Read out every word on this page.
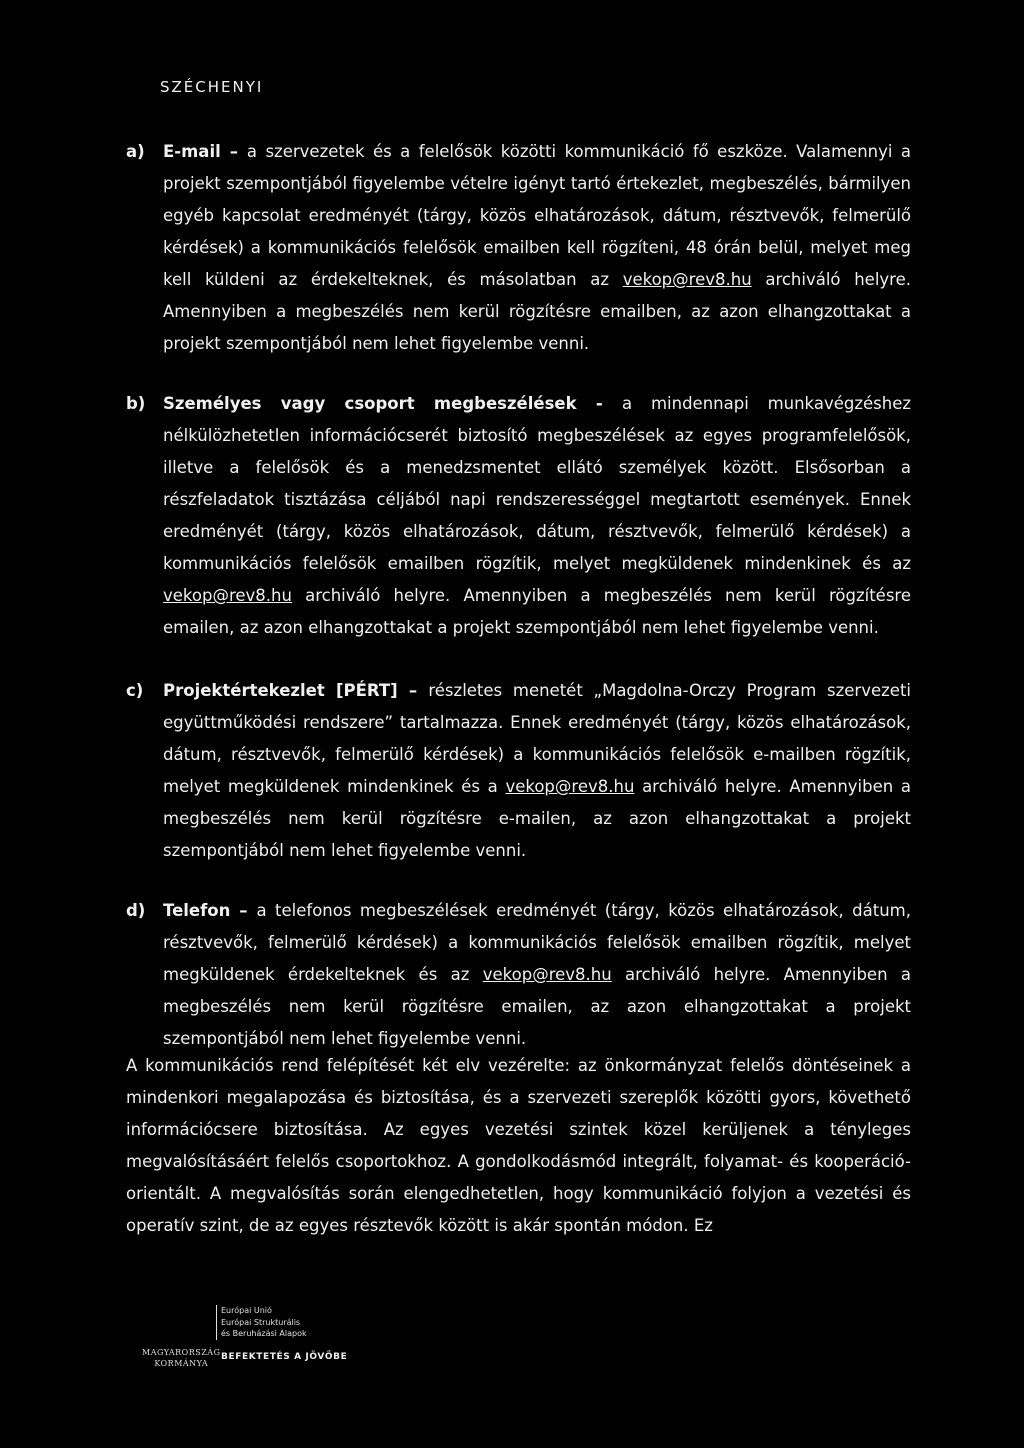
SZÉCHENYI
a) E-mail – a szervezetek és a felelősök közötti kommunikáció fő eszköze. Valamennyi a projekt szempontjából figyelembe vételre igényt tartó értekezlet, megbeszélés, bármilyen egyéb kapcsolat eredményét (tárgy, közös elhatározások, dátum, résztvevők, felmerülő kérdések) a kommunikációs felelősök emailben kell rögzíteni, 48 órán belül, melyet meg kell küldeni az érdekelteknek, és másolatban az vekop@rev8.hu archiváló helyre. Amennyiben a megbeszélés nem kerül rögzítésre emailben, az azon elhangzottakat a projekt szempontjából nem lehet figyelembe venni.
b) Személyes vagy csoport megbeszélések - a mindennapi munkavégzéshez nélkülözhetetlen információcserét biztosító megbeszélések az egyes programfelelősök, illetve a felelősök és a menedzsmentet ellátó személyek között. Elsősorban a részfeladatok tisztázása céljából napi rendszerességgel megtartott események. Ennek eredményét (tárgy, közös elhatározások, dátum, résztvevők, felmerülő kérdések) a kommunikációs felelősök emailben rögzítik, melyet megküldenek mindenkinek és az vekop@rev8.hu archiváló helyre. Amennyiben a megbeszélés nem kerül rögzítésre emailen, az azon elhangzottakat a projekt szempontjából nem lehet figyelembe venni.
c) Projektértekezlet [PÉRT] – részletes menetét „Magdolna-Orczy Program szervezeti együttműködési rendszere” tartalmazza. Ennek eredményét (tárgy, közös elhatározások, dátum, résztvevők, felmerülő kérdések) a kommunikációs felelősök e-mailben rögzítik, melyet megküldenek mindenkinek és a vekop@rev8.hu archiváló helyre. Amennyiben a megbeszélés nem kerül rögzítésre e-mailen, az azon elhangzottakat a projekt szempontjából nem lehet figyelembe venni.
d) Telefon – a telefonos megbeszélések eredményét (tárgy, közös elhatározások, dátum, résztvevők, felmerülő kérdések) a kommunikációs felelősök emailben rögzítik, melyet megküldenek érdekelteknek és az vekop@rev8.hu archiváló helyre. Amennyiben a megbeszélés nem kerül rögzítésre emailen, az azon elhangzottakat a projekt szempontjából nem lehet figyelembe venni.
A kommunikációs rend felépítését két elv vezérelte: az önkormányzat felelős döntéseinek a mindenkori megalapozása és biztosítása, és a szervezeti szereplők közötti gyors, követhető információcsere biztosítása. Az egyes vezetési szintek közel kerüljenek a tényleges megvalósításáért felelős csoportokhoz. A gondolkodásmód integrált, folyamat- és kooperáció-orientált. A megvalósítás során elengedhetetlen, hogy kommunikáció folyjon a vezetési és operatív szint, de az egyes résztevők között is akár spontán módon. Ez
MAGYARORSZÁG
KORMÁNYA
Európai Unió
Európai Strukturális
és Beruházási Alapok
BEFEKTETÉS A JÖVŐBE
